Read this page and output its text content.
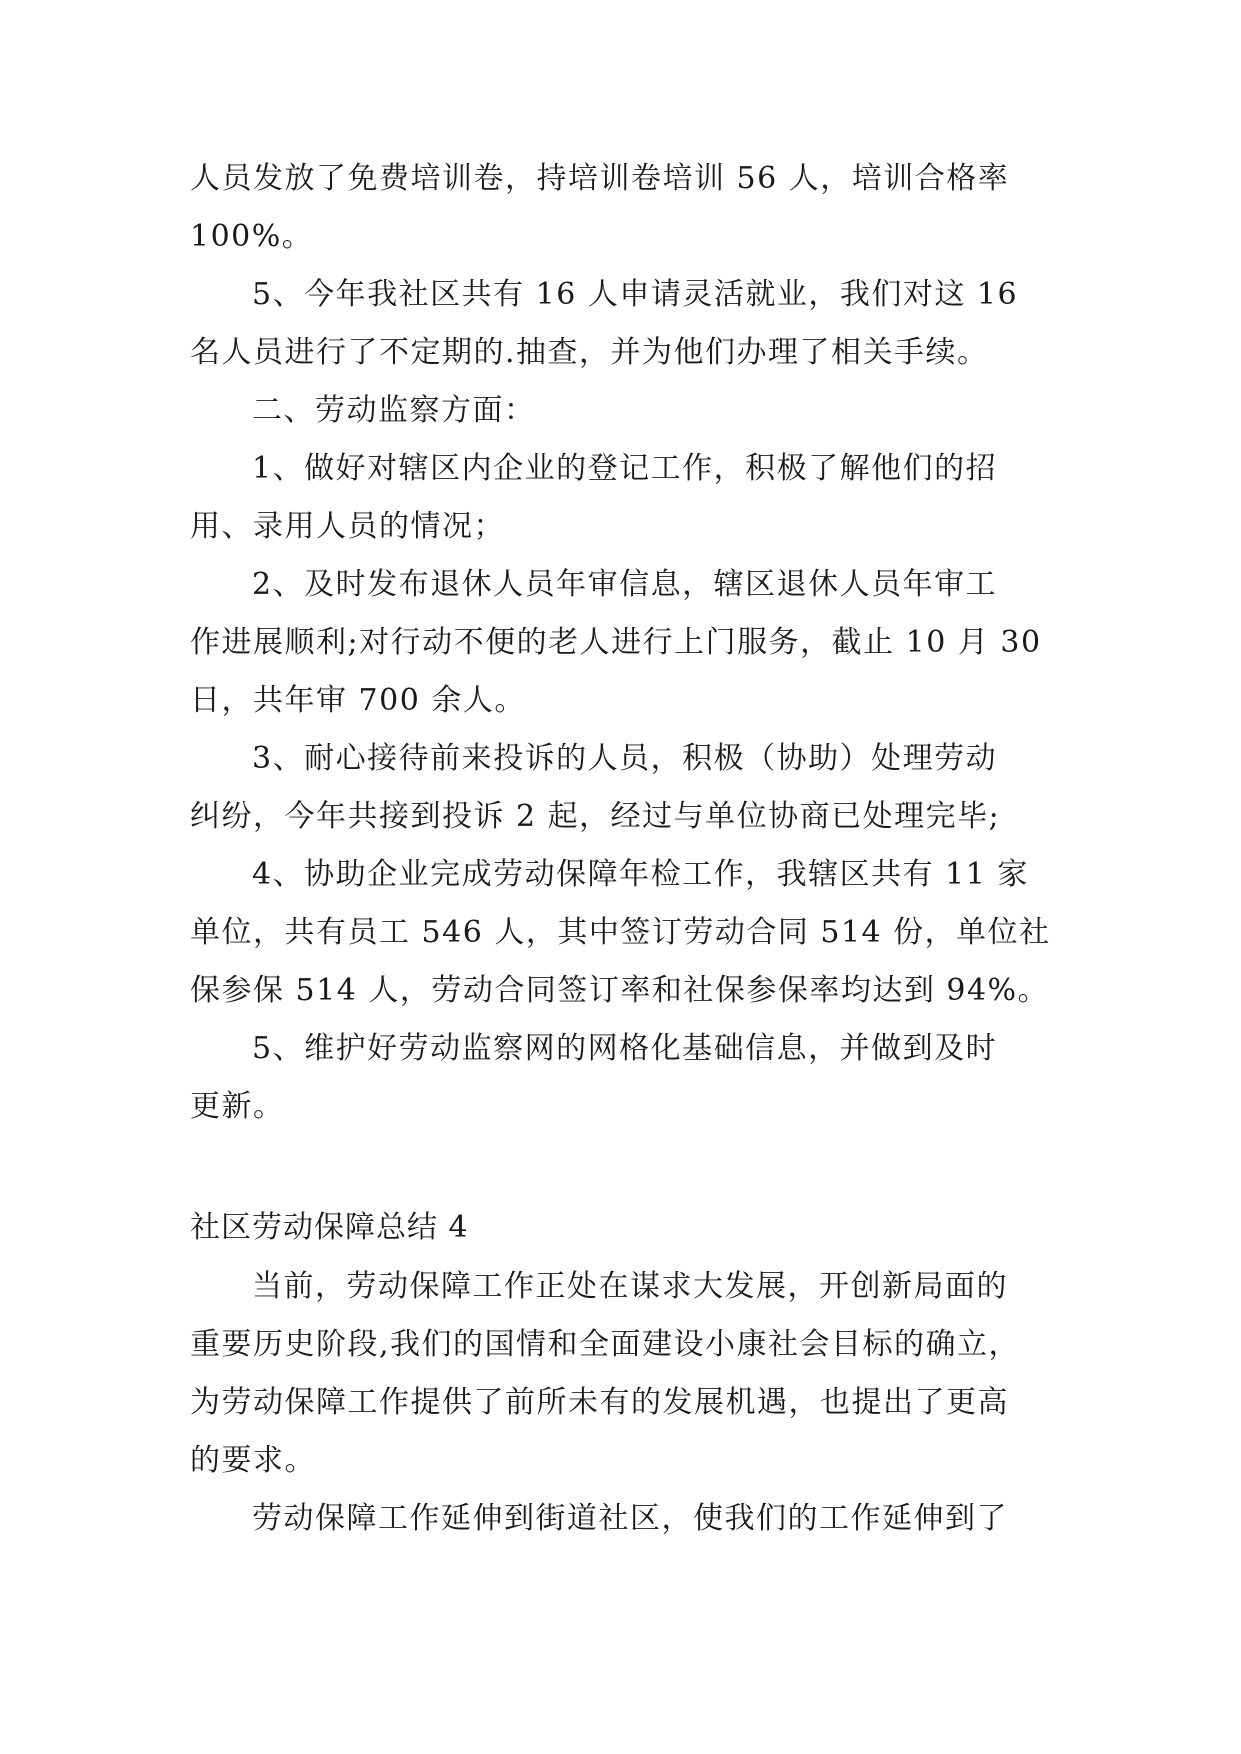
人员发放了免费培训卷，持培训卷培训 56 人，培训合格率
100%。
5、今年我社区共有 16 人申请灵活就业，我们对这 16
名人员进行了不定期的.抽查，并为他们办理了相关手续。
二、劳动监察方面：
1、做好对辖区内企业的登记工作，积极了解他们的招
用、录用人员的情况；
2、及时发布退休人员年审信息，辖区退休人员年审工
作进展顺利;对行动不便的老人进行上门服务，截止 10 月 30
日，共年审 700 余人。
3、耐心接待前来投诉的人员，积极（协助）处理劳动
纠纷，今年共接到投诉 2 起，经过与单位协商已处理完毕;
4、协助企业完成劳动保障年检工作，我辖区共有 11 家
单位，共有员工 546 人，其中签订劳动合同 514 份，单位社
保参保 514 人，劳动合同签订率和社保参保率均达到 94%。
5、维护好劳动监察网的网格化基础信息，并做到及时
更新。
社区劳动保障总结 4
当前，劳动保障工作正处在谋求大发展，开创新局面的
重要历史阶段,我们的国情和全面建设小康社会目标的确立，
为劳动保障工作提供了前所未有的发展机遇，也提出了更高
的要求。
劳动保障工作延伸到街道社区，使我们的工作延伸到了
